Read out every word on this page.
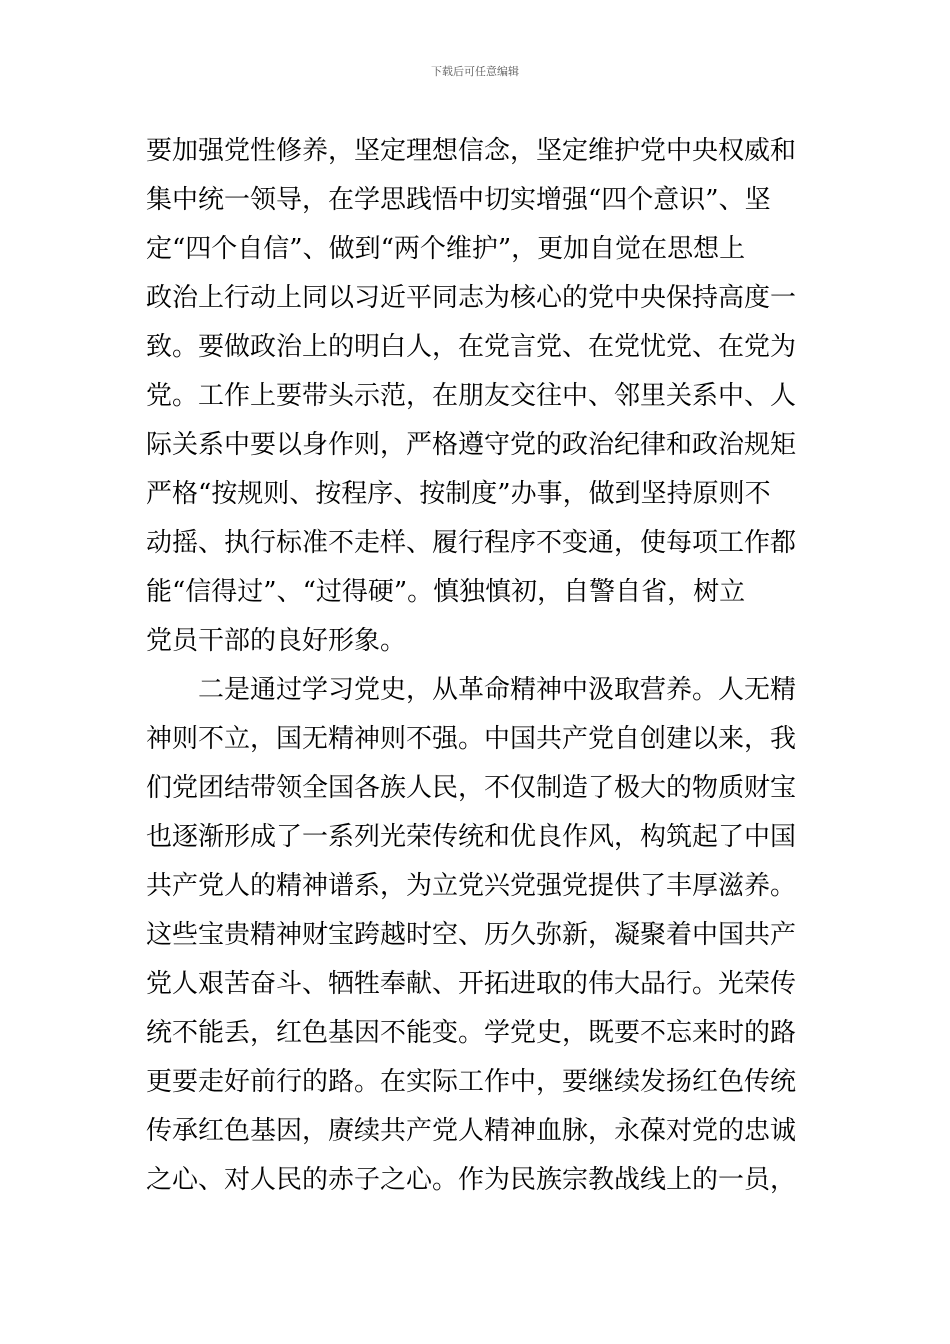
下载后可任意编辑
要加强党性修养，坚定理想信念，坚定维护党中央权威和
集中统一领导，在学思践悟中切实增强“四个意识”、坚
定“四个自信”、做到“两个维护”，更加自觉在思想上
政治上行动上同以习近平同志为核心的党中央保持高度一
致。要做政治上的明白人，在党言党、在党忧党、在党为
党。工作上要带头示范，在朋友交往中、邻里关系中、人
际关系中要以身作则，严格遵守党的政治纪律和政治规矩
严格“按规则、按程序、按制度”办事，做到坚持原则不
动摇、执行标准不走样、履行程序不变通，使每项工作都
能“信得过”、“过得硬”。慎独慎初，自警自省，树立
党员干部的良好形象。
二是通过学习党史，从革命精神中汲取营养。人无精
神则不立，国无精神则不强。中国共产党自创建以来，我
们党团结带领全国各族人民，不仅制造了极大的物质财宝
也逐渐形成了一系列光荣传统和优良作风，构筑起了中国
共产党人的精神谱系，为立党兴党强党提供了丰厚滋养。
这些宝贵精神财宝跨越时空、历久弥新，凝聚着中国共产
党人艰苦奋斗、牺牲奉献、开拓进取的伟大品行。光荣传
统不能丢，红色基因不能变。学党史，既要不忘来时的路
更要走好前行的路。在实际工作中，要继续发扬红色传统
传承红色基因，赓续共产党人精神血脉，永葆对党的忠诚
之心、对人民的赤子之心。作为民族宗教战线上的一员，
